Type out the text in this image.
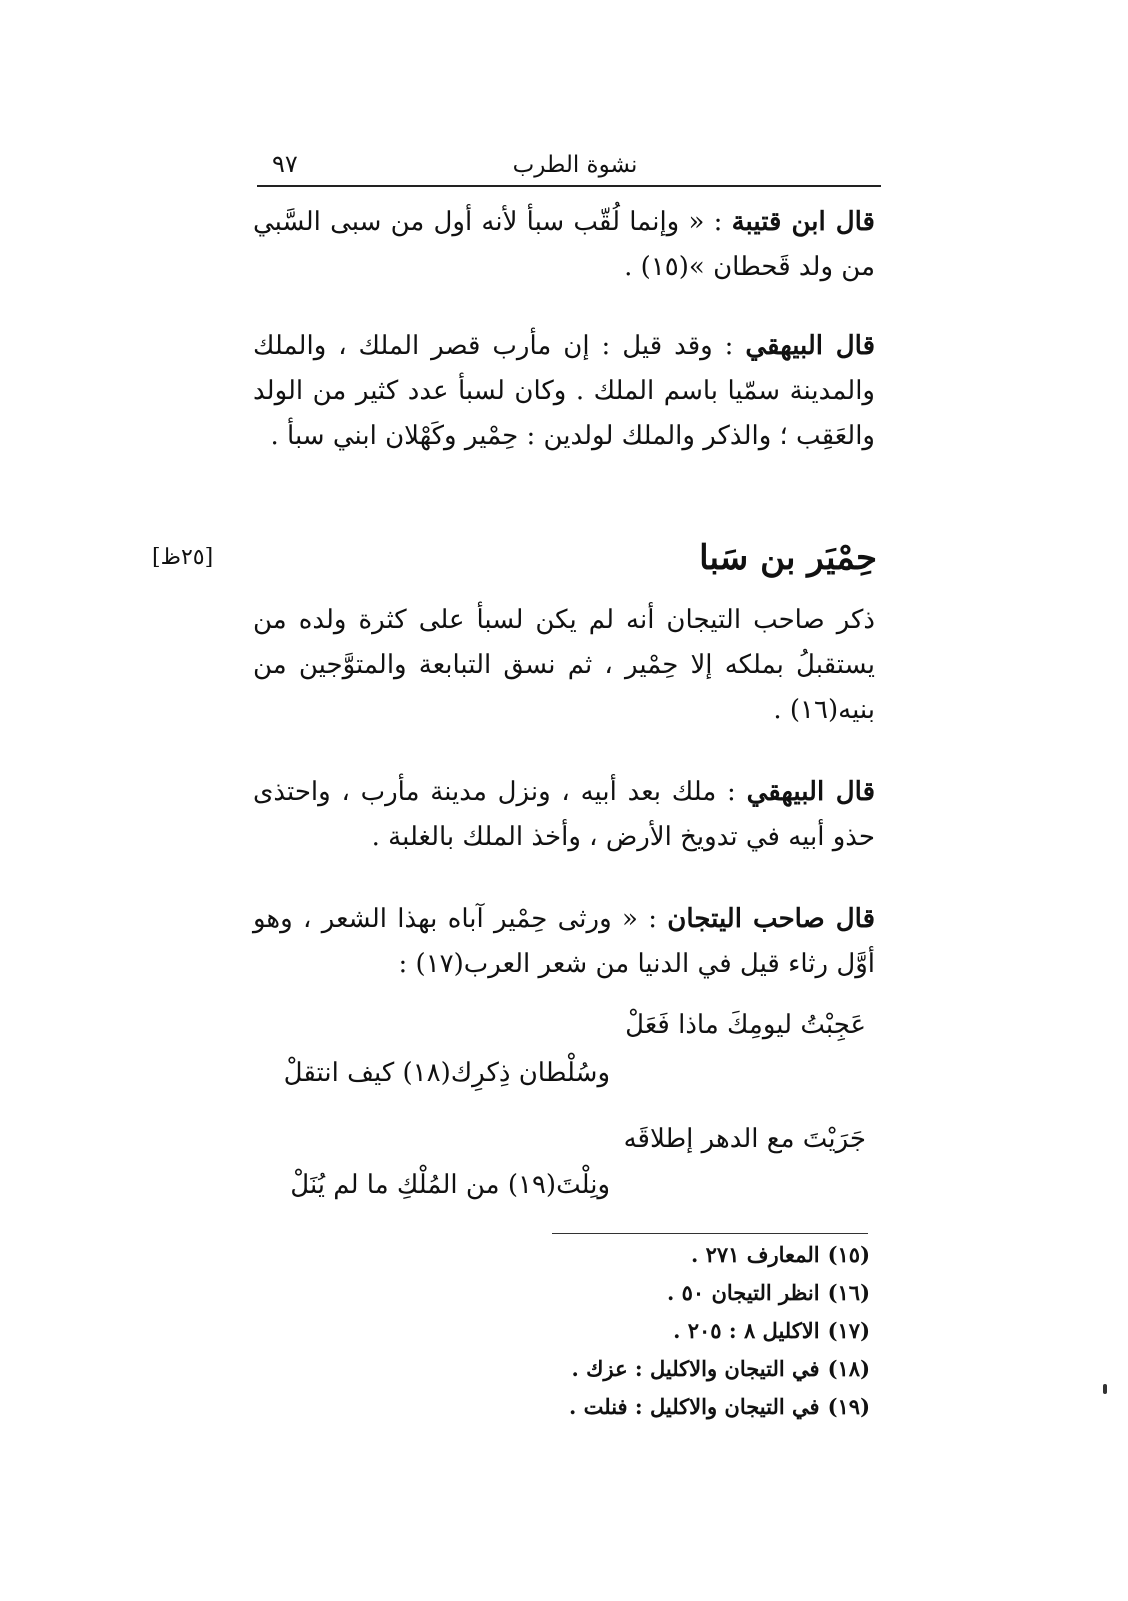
نشوة الطرب
٩٧

قال ابن قتيبة : « وإنما لُقّب سبأ لأنه أول من سبى السَّبي من ولد قَحطان »(١٥) .

قال البيهقي : وقد قيل : إن مأرب قصر الملك ، والملك والمدينة سمّيا باسم الملك . وكان لسبأ عدد كثير من الولد والعَقِب ؛ والذكر والملك لولدين : حِمْير وكَهْلان ابني سبأ .

حِمْيَر بن سَبا
[٢٥ظ]

ذكر صاحب التيجان أنه لم يكن لسبأ على كثرة ولده من يستقبلُ بملكه إلا حِمْير ، ثم نسق التبابعة والمتوَّجين من بنيه(١٦) .

قال البيهقي : ملك بعد أبيه ، ونزل مدينة مأرب ، واحتذى حذو أبيه في تدويخ الأرض ، وأخذ الملك بالغلبة .

قال صاحب اليتجان : « ورثى حِمْير آباه بهذا الشعر ، وهو أوَّل رثاء قيل في الدنيا من شعر العرب(١٧) :

عَجِبْتُ ليومِكَ ماذا فَعَلْ
وسُلْطان ذِكرِك(١٨) كيف انتقلْ
جَرَيْتَ مع الدهر إطلاقَه
ونِلْتَ(١٩) من المُلْكِ ما لم يُنَلْ
(١٥)المعارف ٢٧١ .
(١٦)انظر التيجان ٥٠ .
(١٧)الاكليل ٨ : ٢٠٥ .
(١٨)في التيجان والاكليل : عزك .
(١٩)في التيجان والاكليل : فنلت .
